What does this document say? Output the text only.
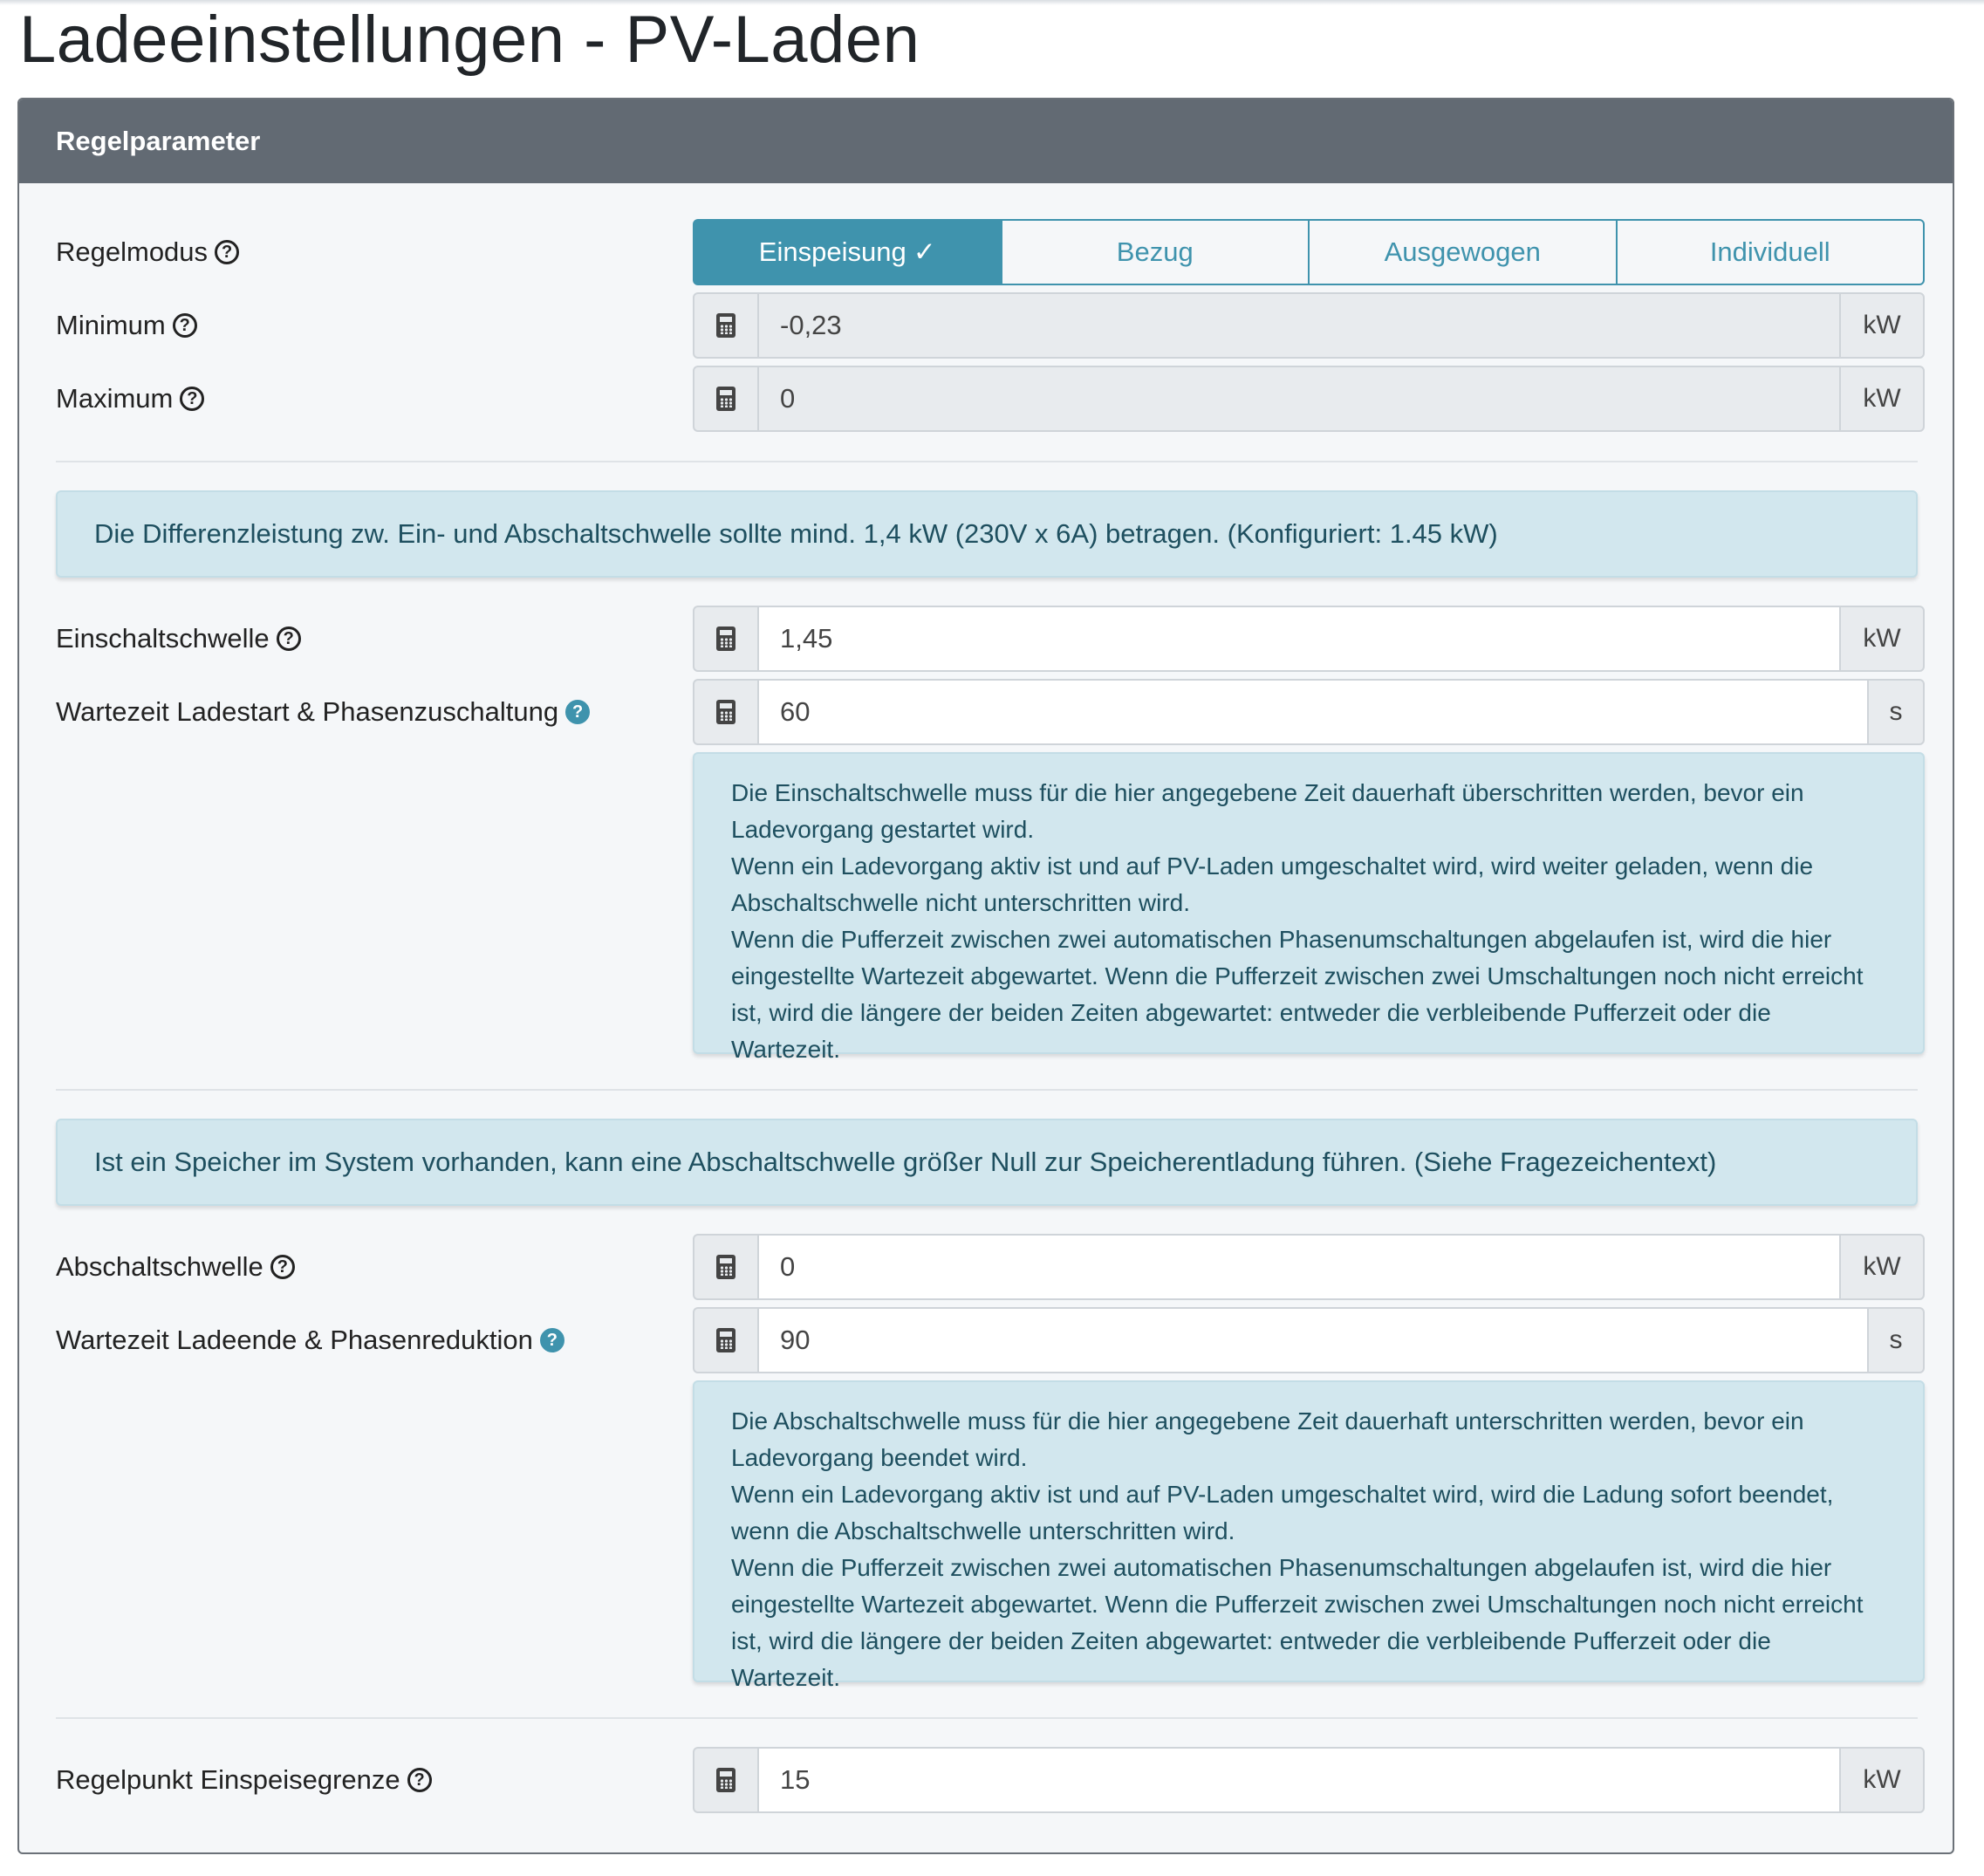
Ladeeinstellungen - PV-Laden
Regelparameter
Regelmodus ?	Einspeisung ✓	Bezug	Ausgewogen	Individuell
Minimum ?	-0,23	kW
Maximum ?	0	kW
Die Differenzleistung zw. Ein- und Abschaltschwelle sollte mind. 1,4 kW (230V x 6A) betragen. (Konfiguriert: 1.45 kW)
Einschaltschwelle ?	1,45	kW
Wartezeit Ladestart & Phasenzuschaltung ?	60	s

Die Einschaltschwelle muss für die hier angegebene Zeit dauerhaft überschritten werden, bevor ein Ladevorgang gestartet wird.

Wenn ein Ladevorgang aktiv ist und auf PV-Laden umgeschaltet wird, wird weiter geladen, wenn die Abschaltschwelle nicht unterschritten wird.

Wenn die Pufferzeit zwischen zwei automatischen Phasenumschaltungen abgelaufen ist, wird die hier eingestellte Wartezeit abgewartet. Wenn die Pufferzeit zwischen zwei Umschaltungen noch nicht erreicht ist, wird die längere der beiden Zeiten abgewartet: entweder die verbleibende Pufferzeit oder die Wartezeit.

Ist ein Speicher im System vorhanden, kann eine Abschaltschwelle größer Null zur Speicherentladung führen. (Siehe Fragezeichentext)
Abschaltschwelle ?	0	kW
Wartezeit Ladeende & Phasenreduktion ?	90	s

Die Abschaltschwelle muss für die hier angegebene Zeit dauerhaft unterschritten werden, bevor ein Ladevorgang beendet wird.

Wenn ein Ladevorgang aktiv ist und auf PV-Laden umgeschaltet wird, wird die Ladung sofort beendet, wenn die Abschaltschwelle unterschritten wird.

Wenn die Pufferzeit zwischen zwei automatischen Phasenumschaltungen abgelaufen ist, wird die hier eingestellte Wartezeit abgewartet. Wenn die Pufferzeit zwischen zwei Umschaltungen noch nicht erreicht ist, wird die längere der beiden Zeiten abgewartet: entweder die verbleibende Pufferzeit oder die Wartezeit.

Regelpunkt Einspeisegrenze ?	15	kW
